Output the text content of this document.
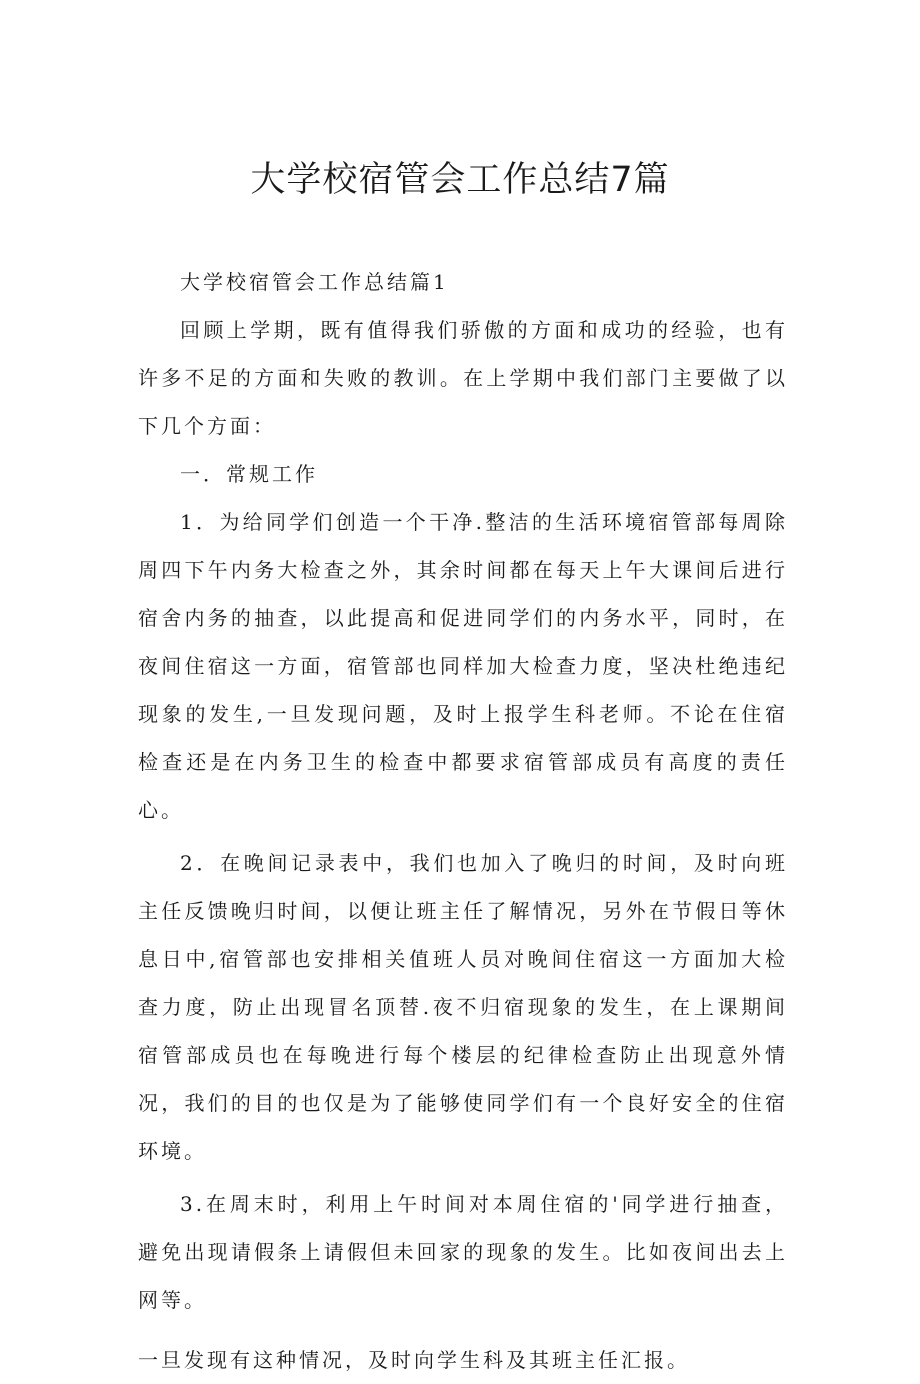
大学校宿管会工作总结7篇

大学校宿管会工作总结篇1

回顾上学期，既有值得我们骄傲的方面和成功的经验，也有许多不足的方面和失败的教训。在上学期中我们部门主要做了以下几个方面：

一．常规工作

1．为给同学们创造一个干净.整洁的生活环境宿管部每周除周四下午内务大检查之外，其余时间都在每天上午大课间后进行宿舍内务的抽查，以此提高和促进同学们的内务水平，同时，在夜间住宿这一方面，宿管部也同样加大检查力度，坚决杜绝违纪现象的发生,一旦发现问题，及时上报学生科老师。不论在住宿检查还是在内务卫生的检查中都要求宿管部成员有高度的责任心。

2．在晚间记录表中，我们也加入了晚归的时间，及时向班主任反馈晚归时间，以便让班主任了解情况，另外在节假日等休息日中,宿管部也安排相关值班人员对晚间住宿这一方面加大检查力度，防止出现冒名顶替.夜不归宿现象的发生，在上课期间宿管部成员也在每晚进行每个楼层的纪律检查防止出现意外情况，我们的目的也仅是为了能够使同学们有一个良好安全的住宿环境。

3.在周末时，利用上午时间对本周住宿的'同学进行抽查，避免出现请假条上请假但未回家的现象的发生。比如夜间出去上网等。

一旦发现有这种情况，及时向学生科及其班主任汇报。
